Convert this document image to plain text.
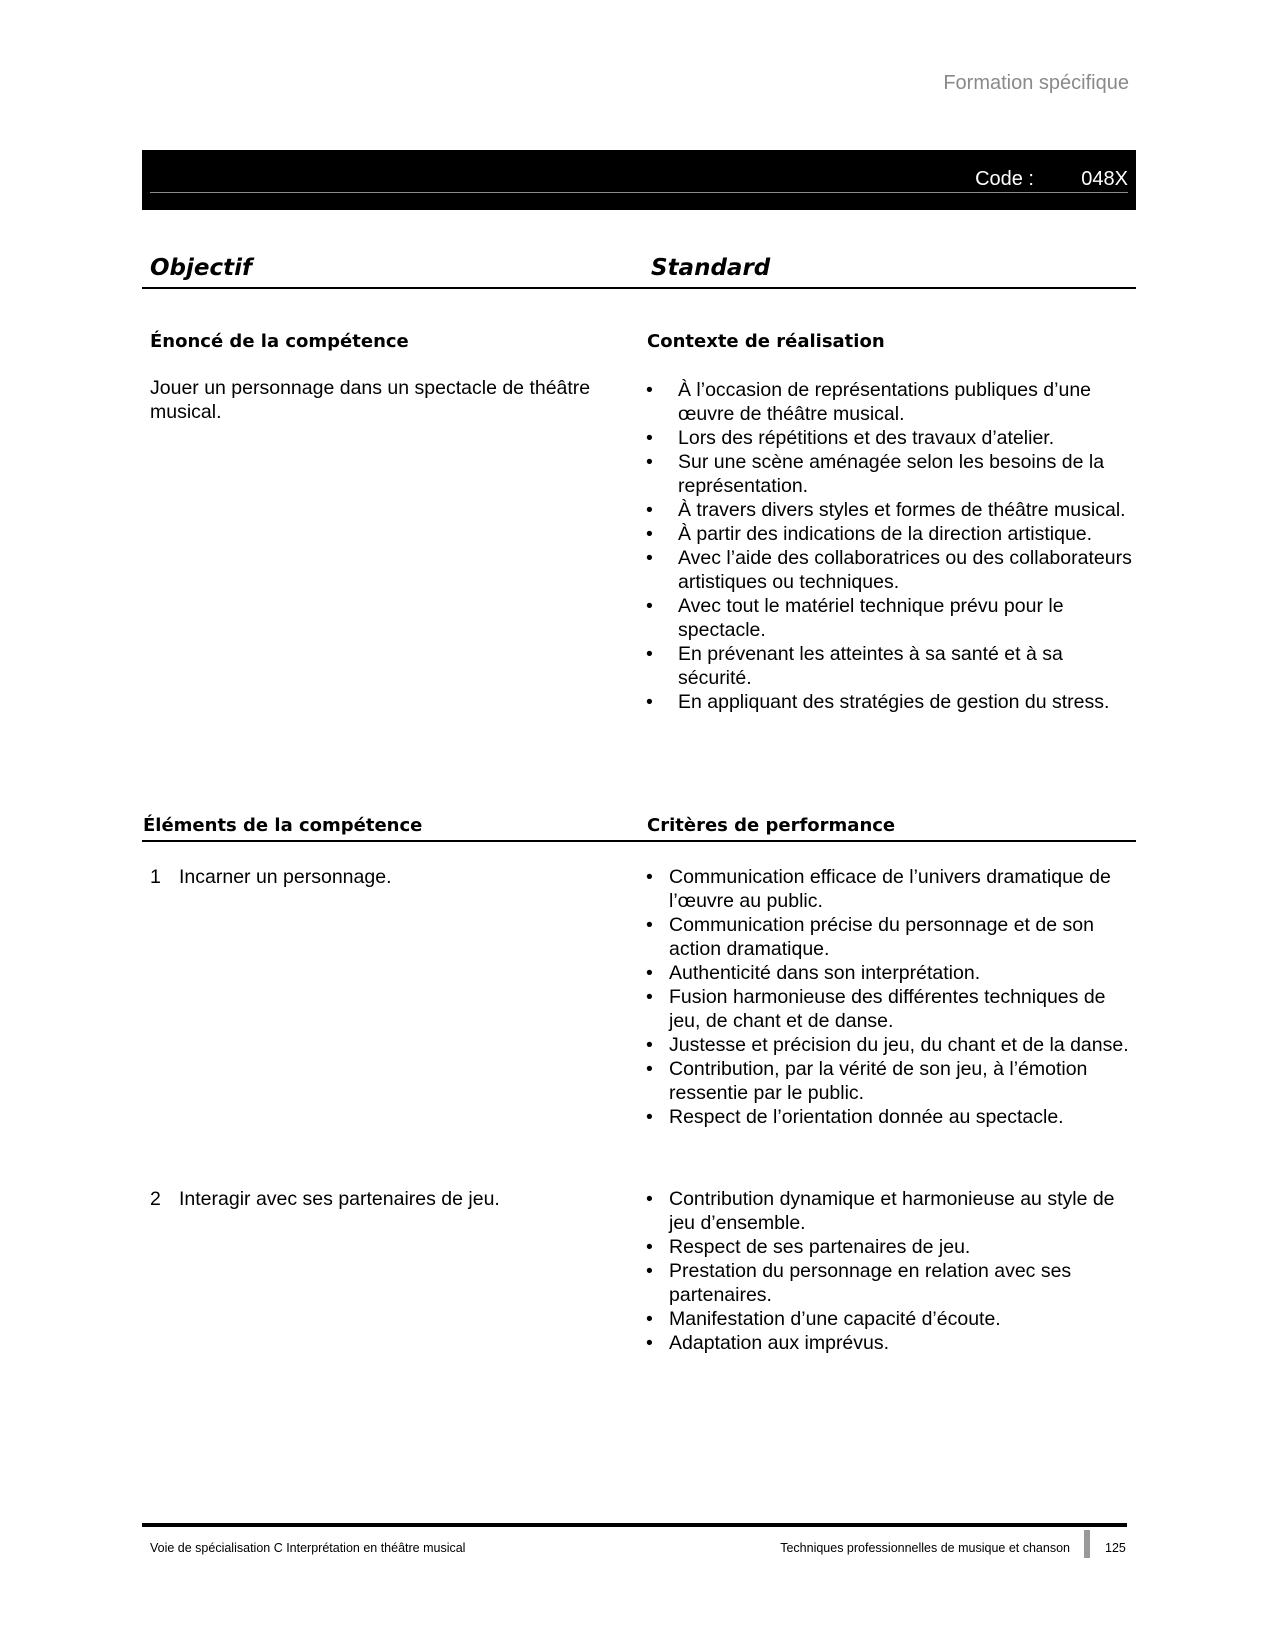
Formation spécifique
Code : 048X
Objectif	Standard
Énoncé de la compétence	Contexte de réalisation
Jouer un personnage dans un spectacle de théâtre musical.
• À l’occasion de représentations publiques d’une œuvre de théâtre musical.
• Lors des répétitions et des travaux d’atelier.
• Sur une scène aménagée selon les besoins de la représentation.
• À travers divers styles et formes de théâtre musical.
• À partir des indications de la direction artistique.
• Avec l’aide des collaboratrices ou des collaborateurs artistiques ou techniques.
• Avec tout le matériel technique prévu pour le spectacle.
• En prévenant les atteintes à sa santé et à sa sécurité.
• En appliquant des stratégies de gestion du stress.
Éléments de la compétence	Critères de performance
1 Incarner un personnage.	• Communication efficace de l’univers dramatique de l’œuvre au public.
• Communication précise du personnage et de son action dramatique.
• Authenticité dans son interprétation.
• Fusion harmonieuse des différentes techniques de jeu, de chant et de danse.
• Justesse et précision du jeu, du chant et de la danse.
• Contribution, par la vérité de son jeu, à l’émotion ressentie par le public.
• Respect de l’orientation donnée au spectacle.
2 Interagir avec ses partenaires de jeu.	• Contribution dynamique et harmonieuse au style de jeu d’ensemble.
• Respect de ses partenaires de jeu.
• Prestation du personnage en relation avec ses partenaires.
• Manifestation d’une capacité d’écoute.
• Adaptation aux imprévus.
Voie de spécialisation C Interprétation en théâtre musical	Techniques professionnelles de musique et chanson	125
